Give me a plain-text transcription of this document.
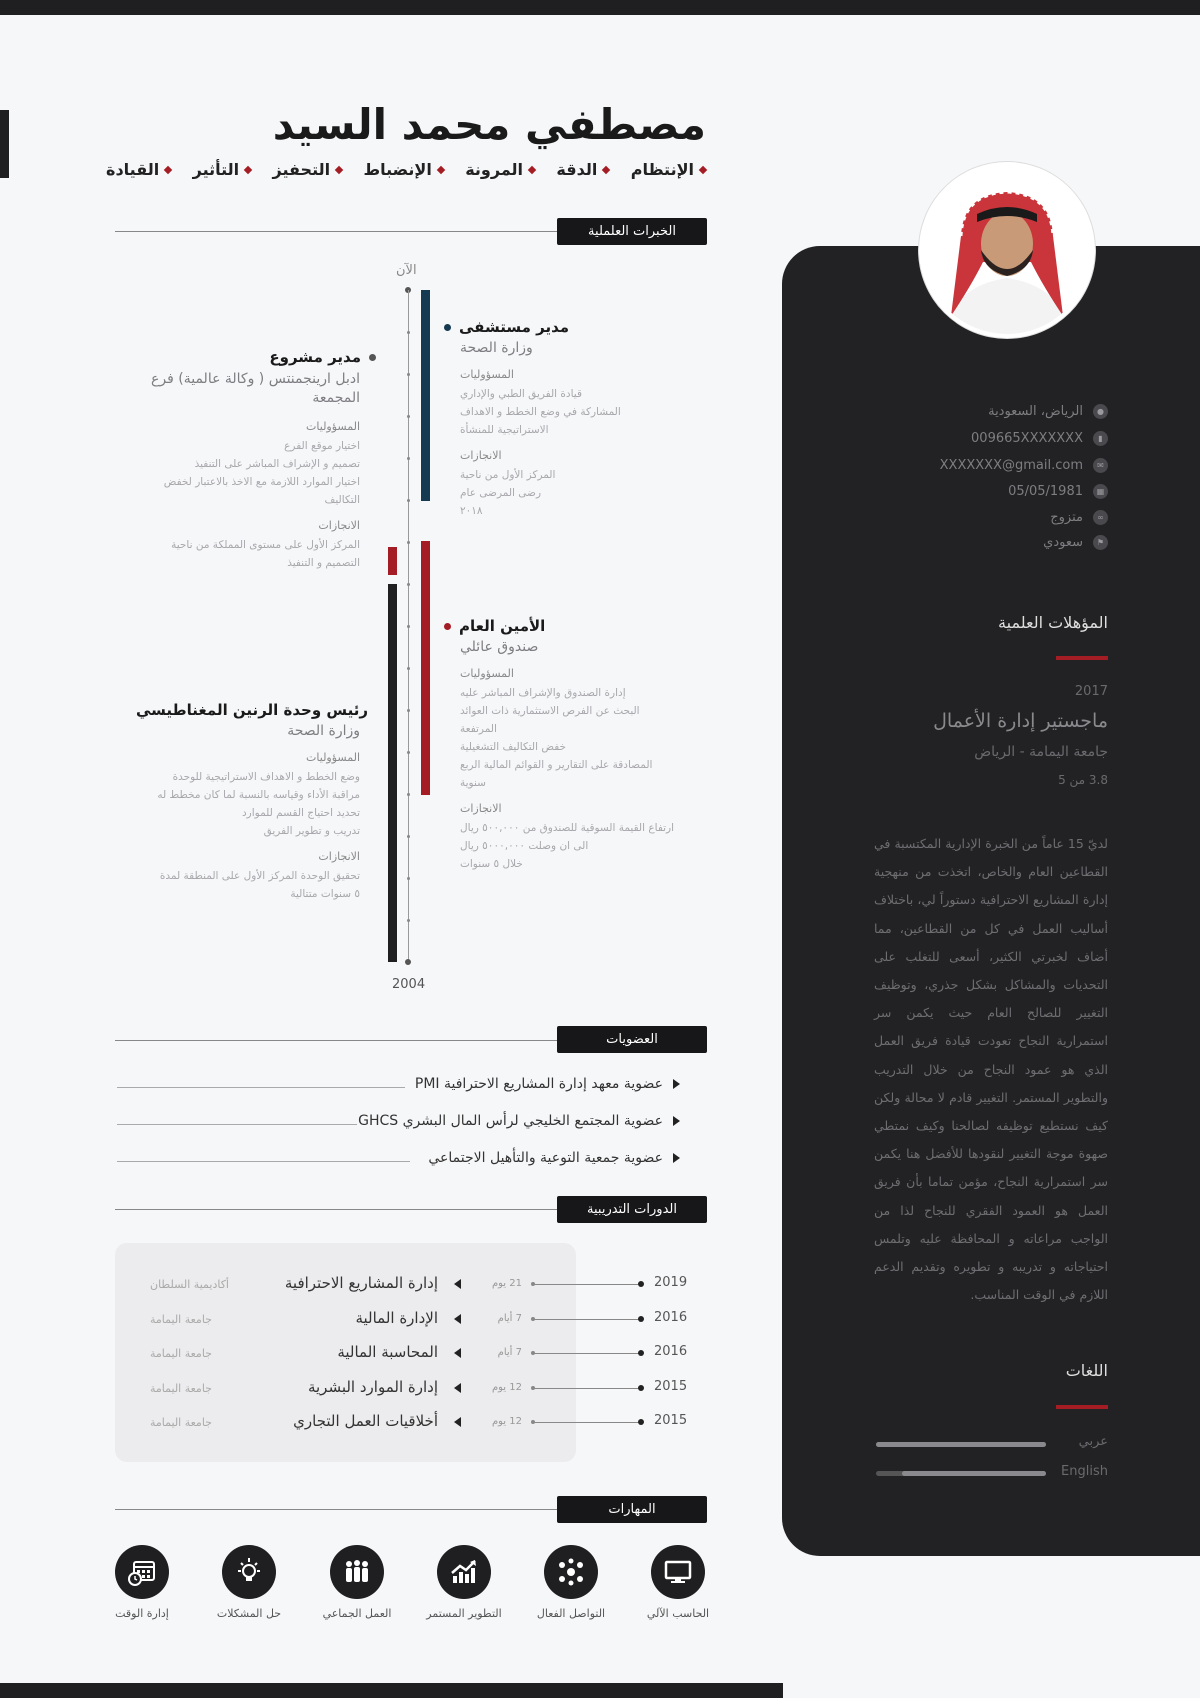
مصطفي محمد السيد
القيادة التأثير التحفيز الإنضباط المرونة الدقة الإنتظام
●
الرياض، السعودية
▮
009665XXXXXXX
✉
XXXXXXX@gmail.com
▦
05/05/1981
∞
متزوج
⚑
سعودي
المؤهلات العلمية
2017
ماجستير إدارة الأعمال
جامعة اليمامة - الرياض
3.8 من 5
لديّ 15 عاماً من الخبرة الإدارية المكتسبة في القطاعين العام والخاص، اتخذت من منهجية إدارة المشاريع الاحترافية دستوراً لي، باختلاف أساليب العمل في كل من القطاعين، مما أضاف لخبرتي الكثير، أسعى للتغلب على التحديات والمشاكل بشكل جذري، وتوظيف التغيير للصالح العام حيث يكمن سر استمرارية النجاح تعودت قيادة فريق العمل الذي هو عمود النجاح من خلال التدريب والتطوير المستمر. التغيير قادم لا محالة ولكن كيف نستطيع توظيفه لصالحنا وكيف نمتطي صهوة موجة التغيير لنقودها للأفضل هنا يكمن سر استمرارية النجاح، مؤمن تماما بأن فريق العمل هو العمود الفقري للنجاح لذا من الواجب مراعاته و المحافظة عليه وتلمس احتياجاته و تدريبه و تطويره وتقديم الدعم اللازم في الوقت المناسب.
اللغات
عربي
English
الخبرات العلملية
الآن
2004
مدير مستشفى
وزارة الصحة
المسؤوليات
قيادة الفريق الطبي والإداري
المشاركة في وضع الخطط و الاهداف
الاستراتيجية للمنشأة
الانجازات
المركز الأول من ناحية
رضى المرضى عام
٢٠١٨
مدير مشروع
ادبل ارينجمنتس ( وكالة عالمية) فرع المجمعة
المسؤوليات
اختيار موقع الفرع
تصميم و الإشراف المباشر على التنفيذ
اختيار الموارد اللازمة مع الاخذ بالاعتبار لخفض التكاليف
الانجازات
المركز الأول على مستوى المملكة من ناحية
التصميم و التنفيذ
الأمين العام
صندوق عائلي
المسؤوليات
إدارة الصندوق والإشراف المباشر عليه
البحث عن الفرص الاستثمارية ذات العوائد
المرتفعة
خفض التكاليف التشغيلية
المصادقة على التقارير و القوائم المالية الربع
سنوية
الانجازات
ارتفاع القيمة السوقية للصندوق من ٥٠٠,٠٠٠ ريال
الى ان وصلت ٥٠٠٠,٠٠٠ ريال
خلال ٥ سنوات
رئيس وحدة الرنين المغناطيسي
وزارة الصحة
المسؤوليات
وضع الخطط و الاهداف الاستراتيجية للوحدة
مراقبة الأداء وقياسه بالنسبة لما كان مخطط له
تحديد احتياج القسم للموارد
تدريب و تطوير الفريق
الانجازات
تحقيق الوحدة المركز الأول على المنطقة لمدة
٥ سنوات متتالية
العضويات
عضوية معهد إدارة المشاريع الاحترافية PMI
عضوية المجتمع الخليجي لرأس المال البشري GHCS
عضوية جمعية التوعية والتأهيل الاجتماعي
الدورات التدريبية
2019
21 يوم
إدارة المشاريع الاحترافية
أكاديمية السلطان
2016
7 أيام
الإدارة المالية
جامعة اليمامة
2016
7 أيام
المحاسبة المالية
جامعة اليمامة
2015
12 يوم
إدارة الموارد البشرية
جامعة اليمامة
2015
12 يوم
أخلاقيات العمل التجاري
جامعة اليمامة
المهارات
الحاسب الآلي
التواصل الفعال
التطوير المستمر
العمل الجماعي
حل المشكلات
إدارة الوقت
